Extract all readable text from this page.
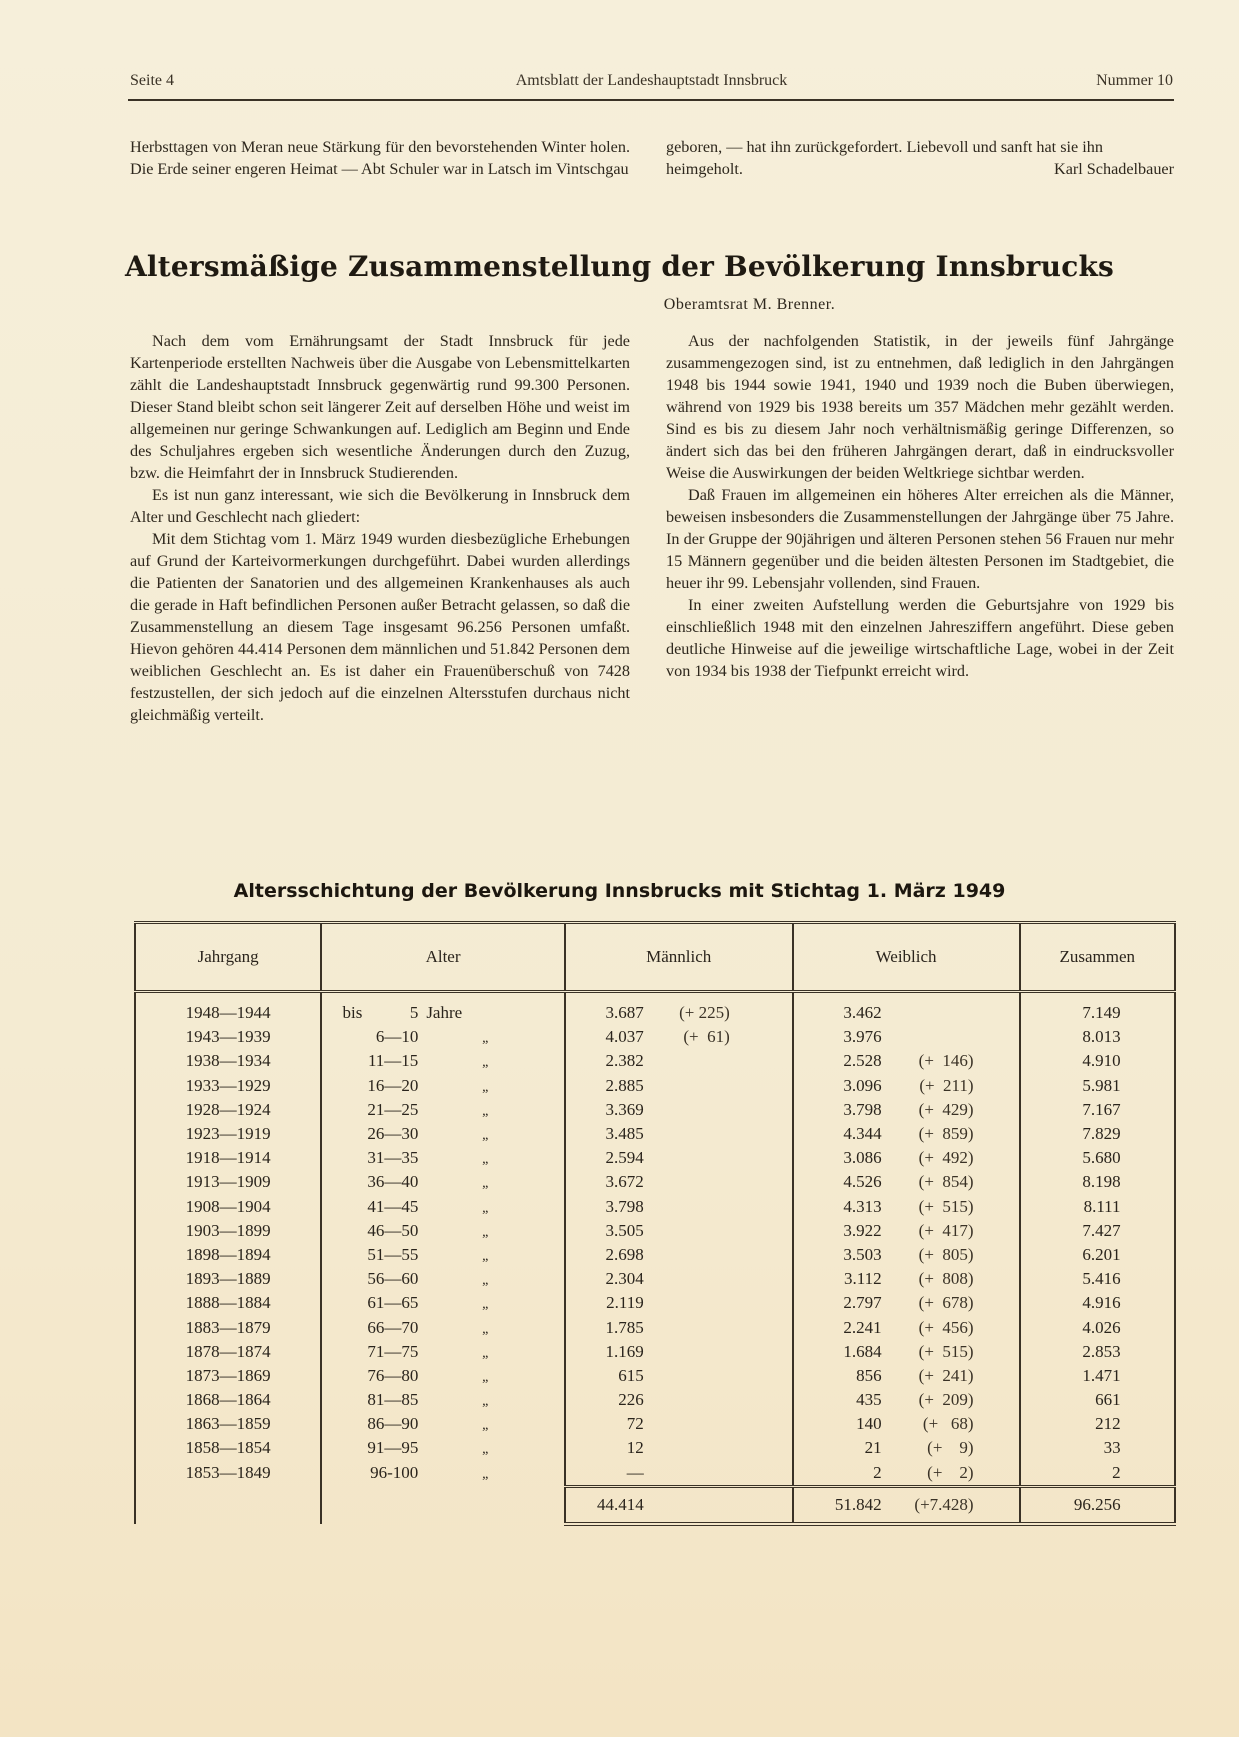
Seite 4	Amtsblatt der Landeshauptstadt Innsbruck	Nummer 10

Herbsttagen von Meran neue Stärkung für den bevorstehenden Winter holen. Die Erde seiner engeren Heimat — Abt Schuler war in Latsch im Vintschgau

geboren, — hat ihn zurückgefordert. Liebevoll und sanft hat sie ihn heimgeholt.	Karl Schadelbauer

Altersmäßige Zusammenstellung der Bevölkerung Innsbrucks
Oberamtsrat M. Brenner.

Nach dem vom Ernährungsamt der Stadt Innsbruck für jede Kartenperiode erstellten Nachweis über die Ausgabe von Lebensmittelkarten zählt die Landeshauptstadt Innsbruck gegenwärtig rund 99.300 Personen. Dieser Stand bleibt schon seit längerer Zeit auf derselben Höhe und weist im allgemeinen nur geringe Schwankungen auf. Lediglich am Beginn und Ende des Schuljahres ergeben sich wesentliche Änderungen durch den Zuzug, bzw. die Heimfahrt der in Innsbruck Studierenden.

Es ist nun ganz interessant, wie sich die Bevölkerung in Innsbruck dem Alter und Geschlecht nach gliedert:

Mit dem Stichtag vom 1. März 1949 wurden diesbezügliche Erhebungen auf Grund der Karteivormerkungen durchgeführt. Dabei wurden allerdings die Patienten der Sanatorien und des allgemeinen Krankenhauses als auch die gerade in Haft befindlichen Personen außer Betracht gelassen, so daß die Zusammenstellung an diesem Tage insgesamt 96.256 Personen umfaßt. Hievon gehören 44.414 Personen dem männlichen und 51.842 Personen dem weiblichen Geschlecht an. Es ist daher ein Frauenüberschuß von 7428 festzustellen, der sich jedoch auf die einzelnen Altersstufen durchaus nicht gleichmäßig verteilt.

Aus der nachfolgenden Statistik, in der jeweils fünf Jahrgänge zusammengezogen sind, ist zu entnehmen, daß lediglich in den Jahrgängen 1948 bis 1944 sowie 1941, 1940 und 1939 noch die Buben überwiegen, während von 1929 bis 1938 bereits um 357 Mädchen mehr gezählt werden. Sind es bis zu diesem Jahr noch verhältnismäßig geringe Differenzen, so ändert sich das bei den früheren Jahrgängen derart, daß in eindrucksvoller Weise die Auswirkungen der beiden Weltkriege sichtbar werden.

Daß Frauen im allgemeinen ein höheres Alter erreichen als die Männer, beweisen insbesonders die Zusammenstellungen der Jahrgänge über 75 Jahre. In der Gruppe der 90jährigen und älteren Personen stehen 56 Frauen nur mehr 15 Männern gegenüber und die beiden ältesten Personen im Stadtgebiet, die heuer ihr 99. Lebensjahr vollenden, sind Frauen.

In einer zweiten Aufstellung werden die Geburtsjahre von 1929 bis einschließlich 1948 mit den einzelnen Jahresziffern angeführt. Diese geben deutliche Hinweise auf die jeweilige wirtschaftliche Lage, wobei in der Zeit von 1934 bis 1938 der Tiefpunkt erreicht wird.

Altersschichtung der Bevölkerung Innsbrucks mit Stichtag 1. März 1949
Jahrgang	Alter	Männlich	Weiblich	Zusammen
1948—1944	bis 5 Jahre	3.687 (+ 225)	3.462	7.149
1943—1939	6—10 „	4.037 (+  61)	3.976	8.013
1938—1934	11—15 „	2.382	2.528 (+  146)	4.910
1933—1929	16—20 „	2.885	3.096 (+  211)	5.981
1928—1924	21—25 „	3.369	3.798 (+  429)	7.167
1923—1919	26—30 „	3.485	4.344 (+  859)	7.829
1918—1914	31—35 „	2.594	3.086 (+  492)	5.680
1913—1909	36—40 „	3.672	4.526 (+  854)	8.198
1908—1904	41—45 „	3.798	4.313 (+  515)	8.111
1903—1899	46—50 „	3.505	3.922 (+  417)	7.427
1898—1894	51—55 „	2.698	3.503 (+  805)	6.201
1893—1889	56—60 „	2.304	3.112 (+  808)	5.416
1888—1884	61—65 „	2.119	2.797 (+  678)	4.916
1883—1879	66—70 „	1.785	2.241 (+  456)	4.026
1878—1874	71—75 „	1.169	1.684 (+  515)	2.853
1873—1869	76—80 „	615	856 (+  241)	1.471
1868—1864	81—85 „	226	435 (+  209)	661
1863—1859	86—90 „	72	140 (+   68)	212
1858—1854	91—95 „	12	21 (+    9)	33
1853—1849	96-100 „	—	2 (+    2)	2
		44.414	51.842 (+7.428)	96.256
